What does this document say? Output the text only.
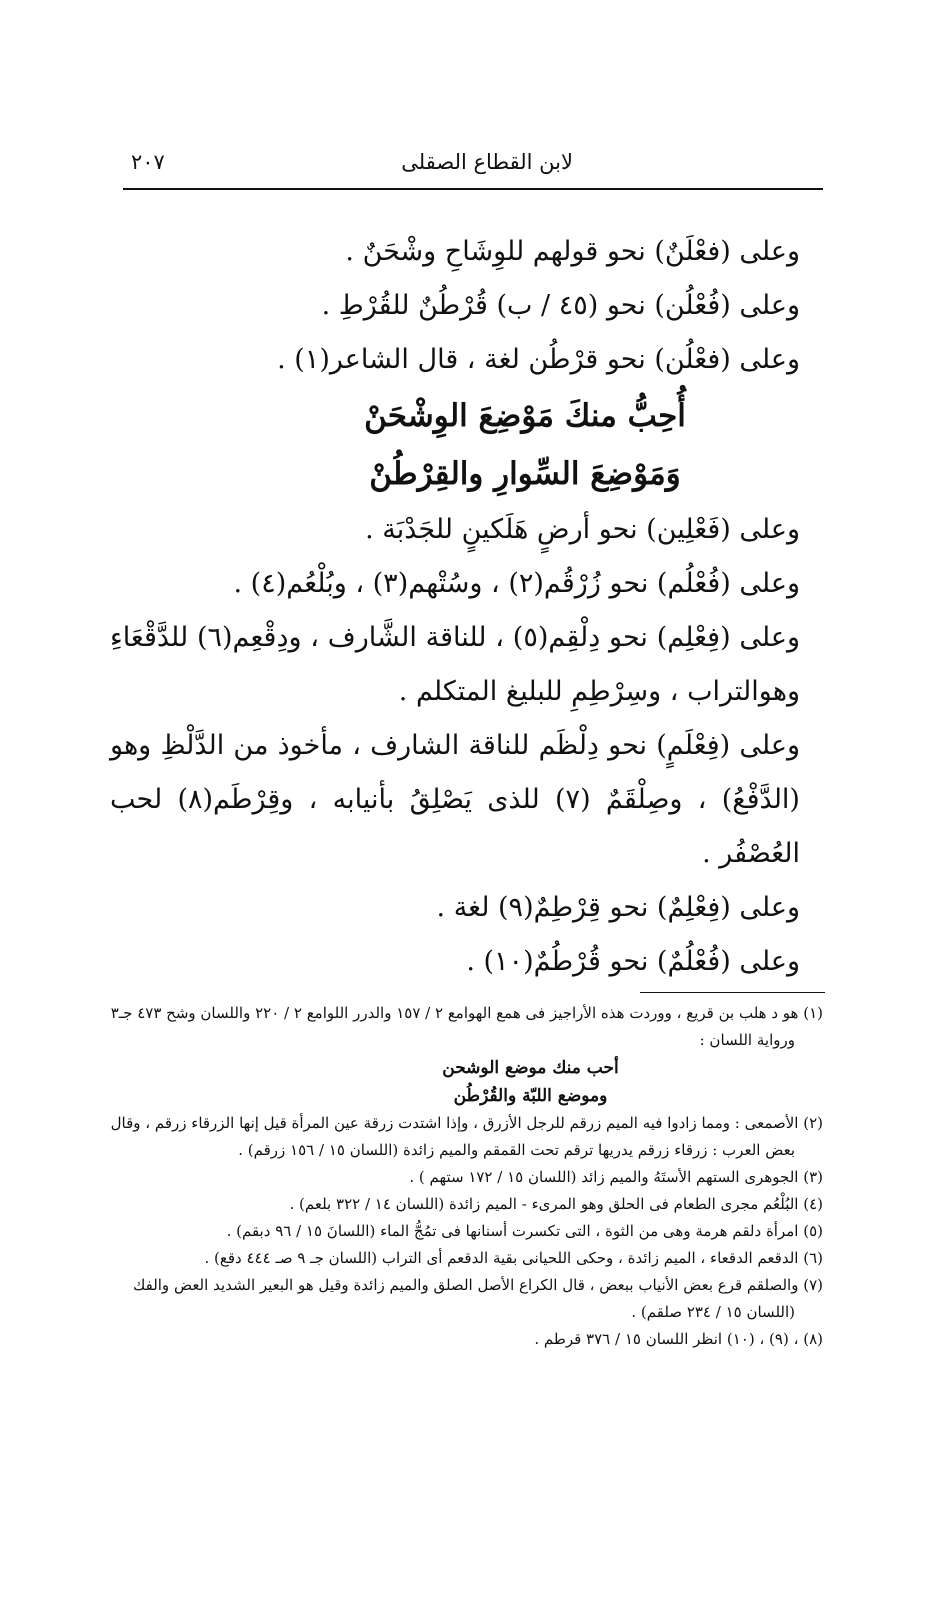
لابن القطاع الصقلى
٢٠٧
وعلى (فعْلَنٌ) نحو قولهم للوِشَاحِ وشْحَنٌ .
وعلى (فُعْلُن) نحو (٤٥ / ب) قُرْطُنٌ للقُرْطِ .
وعلى (فعْلُن) نحو قرْطُن لغة ، قال الشاعر(١) .
أُحِبُّ منكَ مَوْضِعَ الوِشْحَنْ
وَمَوْضِعَ السِّوارِ والقِرْطُنْ
وعلى (فَعْلِين) نحو أرضٍ هَلَكينٍ للجَدْبَة .
وعلى (فُعْلُم) نحو زُرْقُم(٢) ، وسُتْهم(٣) ، وبُلْعُم(٤) .
وعلى (فِعْلِم) نحو دِلْقِم(٥) ، للناقة الشَّارف ، ودِقْعِم(٦) للدَّقْعَاءِ وهوالتراب ، وسِرْطِمِ للبليغ المتكلم .
وعلى (فِعْلَمٍ) نحو دِلْظَم للناقة الشارف ، مأخوذ من الدَّلْظِ وهو (الدَّفْعُ) ، وصِلْقَمٌ (٧) للذى يَصْلِقُ بأنيابه ، وقِرْطَم(٨) لحب العُصْفُر .
وعلى (فِعْلِمٌ) نحو قِرْطِمٌ(٩) لغة .
وعلى (فُعْلُمٌ) نحو قُرْطُمٌ(١٠) .
(١) هو د هلب بن قريع ، ووردت هذه الأراجيز فى همع الهوامع ٢ / ١٥٧ والدرر اللوامع ٢ / ٢٢٠ واللسان وشح ٤٧٣ جـ٣
ورواية اللسان :
أحب منك موضع الوشحن
وموضع اللبّة والقُرْطُن
(٢) الأصمعى : ومما زادوا فيه الميم زرقم للرجل الأزرق ، وإذا اشتدت زرقة عين المرأة قيل إنها الزرقاء زرقم ، وقال
بعض العرب : زرقاء زرقم يدريها ترقم تحت القمقم والميم زائدة (اللسان ١٥ / ١٥٦ زرقم) .
(٣) الجوهرى الستهم الأستَهُ والميم زائد (اللسان ١٥ / ١٧٢ ستهم ) .
(٤) البُلْعُم مجرى الطعام فى الحلق وهو المرىء - الميم زائدة (اللسان ١٤ / ٣٢٢ بلعم) .
(٥) امرأة دلقم هرمة وهى من الثوة ، التى تكسرت أسنانها فى تمُجُّ الماء (اللسانَ ١٥ / ٩٦ دبقم) .
(٦) الدقعم الدقعاء ، الميم زائدة ، وحكى اللحيانى بقية الدقعم أى التراب (اللسان جـ ٩ صـ ٤٤٤ دقع) .
(٧) والصلقم قرع بعض الأنياب ببعض ، قال الكراع الأصل الصلق والميم زائدة وقيل هو البعير الشديد العض والفك
(اللسان ١٥ / ٢٣٤ صلقم) .
(٨) ، (٩) ، (١٠) انظر اللسان ١٥ / ٣٧٦ قرطم .
